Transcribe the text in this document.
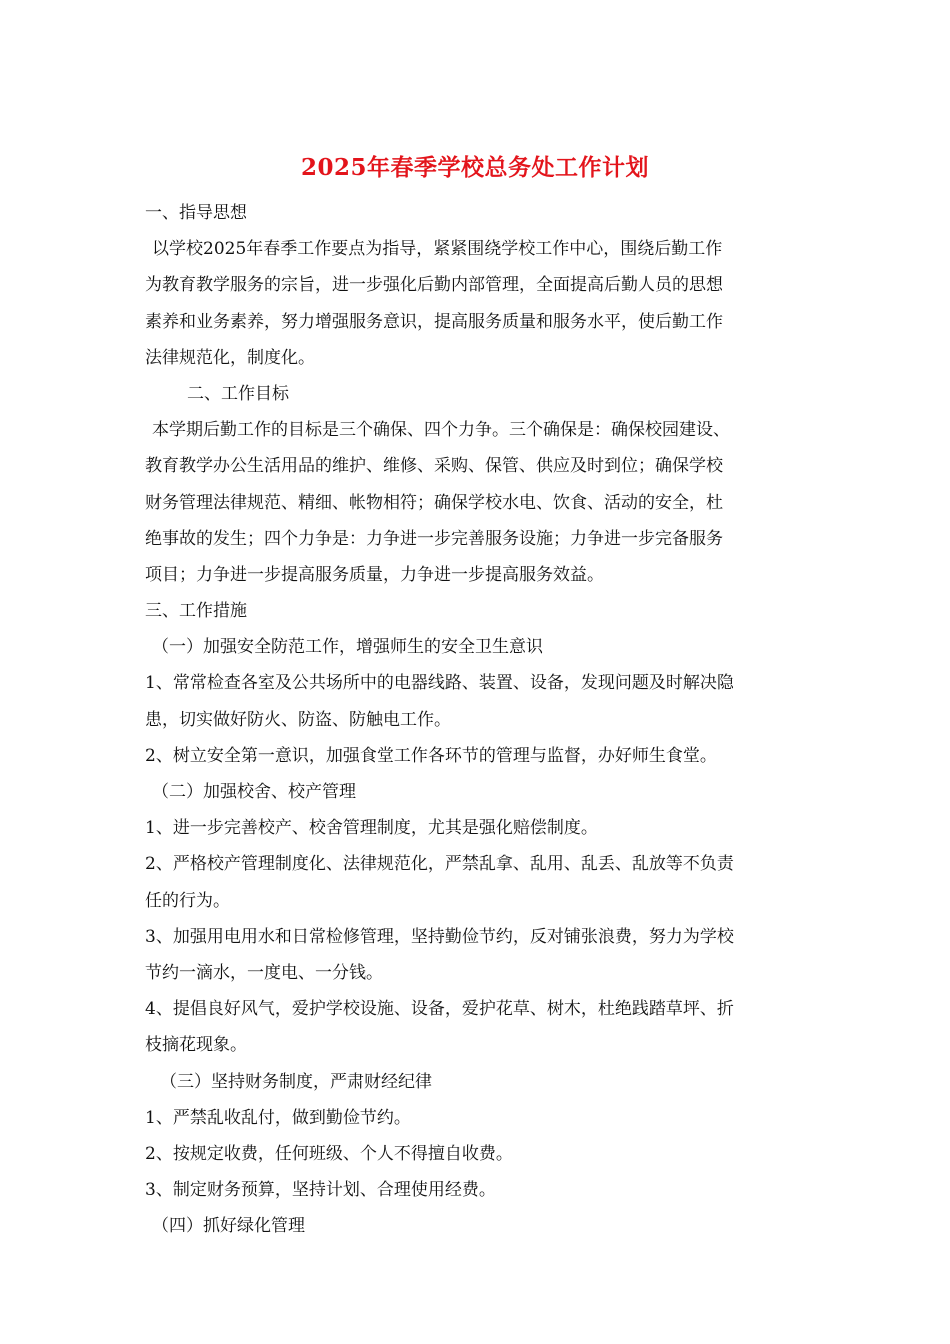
2025年春季学校总务处工作计划
一、指导思想
以学校2025年春季工作要点为指导，紧紧围绕学校工作中心，围绕后勤工作
为教育教学服务的宗旨，进一步强化后勤内部管理，全面提高后勤人员的思想
素养和业务素养，努力增强服务意识，提高服务质量和服务水平，使后勤工作
法律规范化，制度化。
二、工作目标
本学期后勤工作的目标是三个确保、四个力争。三个确保是：确保校园建设、
教育教学办公生活用品的维护、维修、采购、保管、供应及时到位；确保学校
财务管理法律规范、精细、帐物相符；确保学校水电、饮食、活动的安全，杜
绝事故的发生；四个力争是：力争进一步完善服务设施；力争进一步完备服务
项目；力争进一步提高服务质量，力争进一步提高服务效益。
三、工作措施
（一）加强安全防范工作，增强师生的安全卫生意识
1、常常检查各室及公共场所中的电器线路、装置、设备，发现问题及时解决隐
患，切实做好防火、防盗、防触电工作。
2、树立安全第一意识，加强食堂工作各环节的管理与监督，办好师生食堂。
（二）加强校舍、校产管理
1、进一步完善校产、校舍管理制度，尤其是强化赔偿制度。
2、严格校产管理制度化、法律规范化，严禁乱拿、乱用、乱丢、乱放等不负责
任的行为。
3、加强用电用水和日常检修管理，坚持勤俭节约，反对铺张浪费，努力为学校
节约一滴水，一度电、一分钱。
4、提倡良好风气，爱护学校设施、设备，爱护花草、树木，杜绝践踏草坪、折
枝摘花现象。
（三）坚持财务制度，严肃财经纪律
1、严禁乱收乱付，做到勤俭节约。
2、按规定收费，任何班级、个人不得擅自收费。
3、制定财务预算，坚持计划、合理使用经费。
（四）抓好绿化管理
